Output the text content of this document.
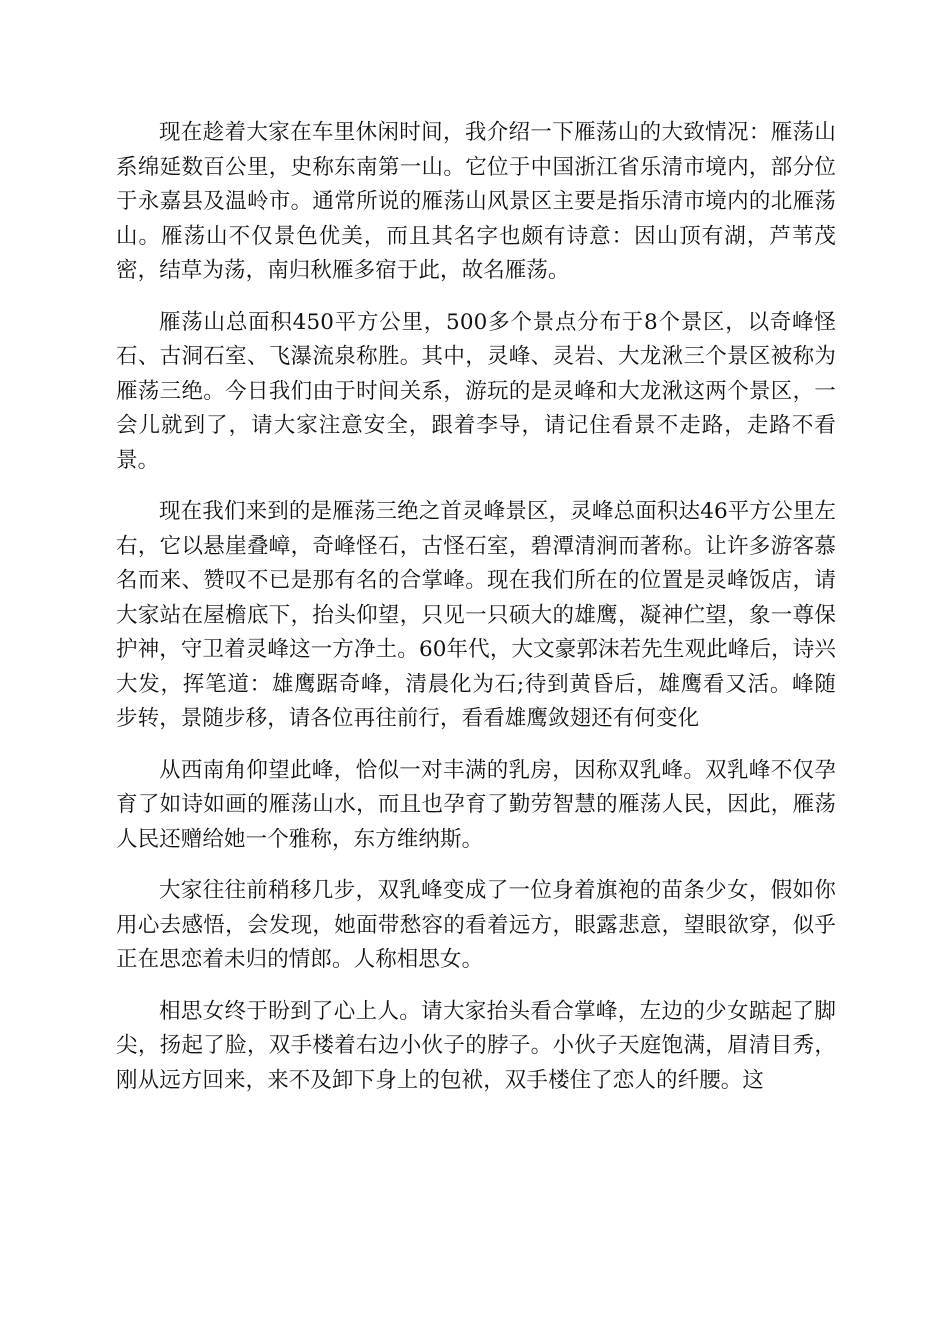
现在趁着大家在车里休闲时间，我介绍一下雁荡山的大致情况：雁荡山系绵延数百公里，史称东南第一山。它位于中国浙江省乐清市境内，部分位于永嘉县及温岭市。通常所说的雁荡山风景区主要是指乐清市境内的北雁荡山。雁荡山不仅景色优美，而且其名字也颇有诗意：因山顶有湖，芦苇茂密，结草为荡，南归秋雁多宿于此，故名雁荡。

雁荡山总面积450平方公里，500多个景点分布于8个景区，以奇峰怪石、古洞石室、飞瀑流泉称胜。其中，灵峰、灵岩、大龙湫三个景区被称为雁荡三绝。今日我们由于时间关系，游玩的是灵峰和大龙湫这两个景区，一会儿就到了，请大家注意安全，跟着李导，请记住看景不走路，走路不看景。

现在我们来到的是雁荡三绝之首灵峰景区，灵峰总面积达46平方公里左右，它以悬崖叠嶂，奇峰怪石，古怪石室，碧潭清涧而著称。让许多游客慕名而来、赞叹不已是那有名的合掌峰。现在我们所在的位置是灵峰饭店，请大家站在屋檐底下，抬头仰望，只见一只硕大的雄鹰，凝神伫望，象一尊保护神，守卫着灵峰这一方净土。60年代，大文豪郭沫若先生观此峰后，诗兴大发，挥笔道：雄鹰踞奇峰，清晨化为石;待到黄昏后，雄鹰看又活。峰随步转，景随步移，请各位再往前行，看看雄鹰敛翅还有何变化

从西南角仰望此峰，恰似一对丰满的乳房，因称双乳峰。双乳峰不仅孕育了如诗如画的雁荡山水，而且也孕育了勤劳智慧的雁荡人民，因此，雁荡人民还赠给她一个雅称，东方维纳斯。

大家往往前稍移几步，双乳峰变成了一位身着旗袍的苗条少女，假如你用心去感悟，会发现，她面带愁容的看着远方，眼露悲意，望眼欲穿，似乎正在思恋着未归的情郎。人称相思女。

相思女终于盼到了心上人。请大家抬头看合掌峰，左边的少女踮起了脚尖，扬起了脸，双手楼着右边小伙子的脖子。小伙子天庭饱满，眉清目秀，刚从远方回来，来不及卸下身上的包袱，双手楼住了恋人的纤腰。这
